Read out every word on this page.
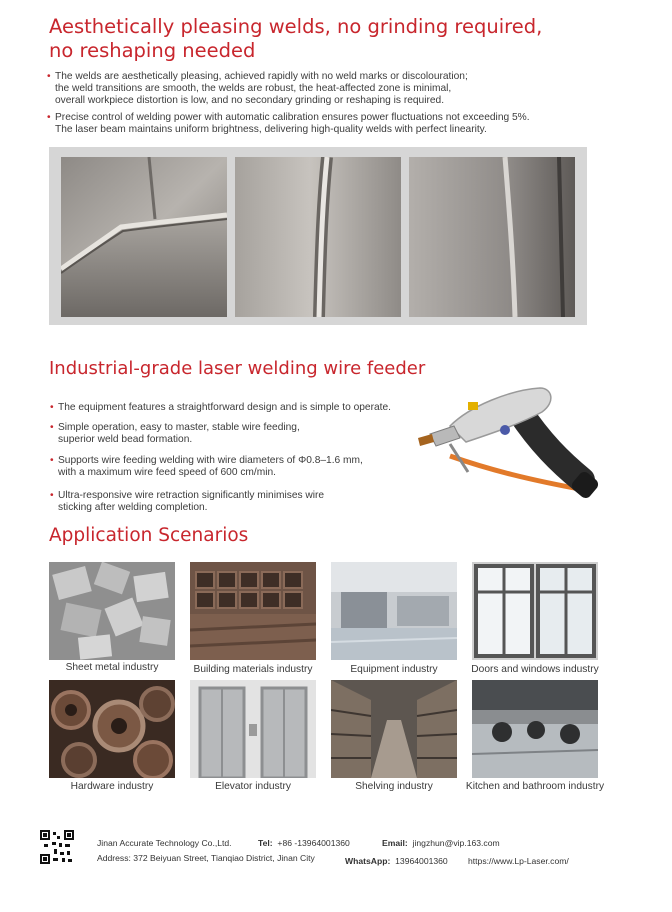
Aesthetically pleasing welds, no grinding required,
no reshaping needed
• The welds are aesthetically pleasing, achieved rapidly with no weld marks or discolouration;
the weld transitions are smooth, the welds are robust, the heat-affected zone is minimal,
overall workpiece distortion is low, and no secondary grinding or reshaping is required.
• Precise control of welding power with automatic calibration ensures power fluctuations not exceeding 5%.
The laser beam maintains uniform brightness, delivering high-quality welds with perfect linearity.
Industrial-grade laser welding wire feeder
• The equipment features a straightforward design and is simple to operate.
• Simple operation, easy to master, stable wire feeding,
superior weld bead formation.
• Supports wire feeding welding with wire diameters of Φ0.8–1.6 mm,
with a maximum wire feed speed of 600 cm/min.
• Ultra-responsive wire retraction significantly minimises wire
sticking after welding completion.
Application Scenarios
Sheet metal industry	Building materials industry	Equipment industry	Doors and windows industry
Hardware industry	Elevator industry	Shelving industry	Kitchen and bathroom industry
Jinan Accurate Technology Co.,Ltd.
Address: 372 Beiyuan Street, Tianqiao District, Jinan City
Tel: +86 -13964001360	Email: jingzhun@vip.163.com
WhatsApp: 13964001360 https://www.Lp-Laser.com/
